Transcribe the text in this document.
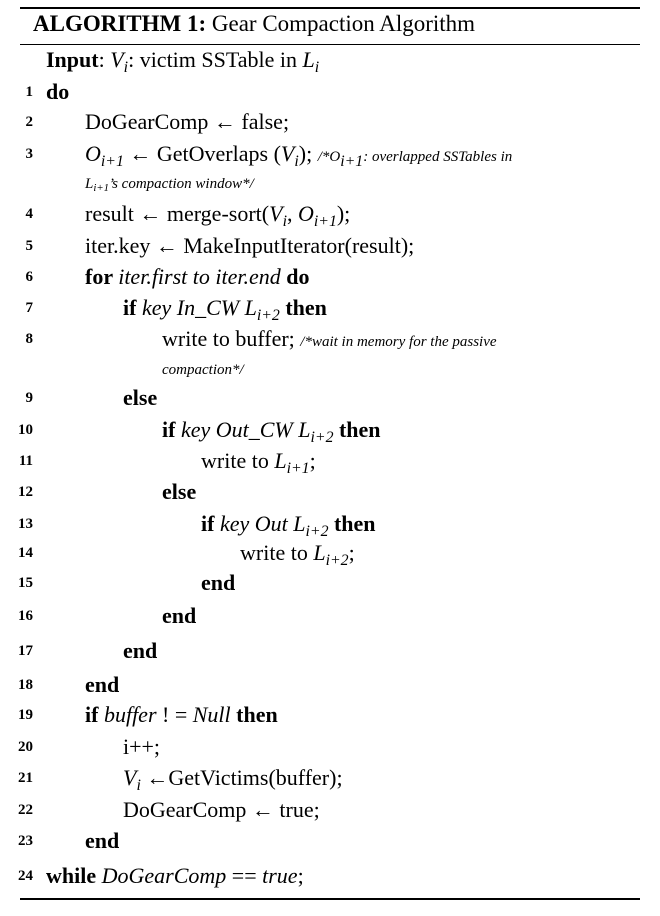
ALGORITHM 1: Gear Compaction Algorithm
Input: $V_i$: victim SSTable in $L_i$
1 do
2 DoGearComp ← false;
3 $O_{i+1}$ ← GetOverlaps $(V_i)$; $/*O_{i+1}$: overlapped SSTables in
$L_{i+1}’s$ compaction window*/
4 result ← merge-$sort(V_i$, $O_{i+1}$);
5 iter.key ← MakeInputIterator(result);
6 for iter.first to iter.end do
7	if key In_CW $L_{i+2}$ then
8	write to buffer; /*wait in memory for the passive
compaction*/
9	else
10	if key Out_CW $L_{i+2}$ then
11	write to $L_{i+1}$;
12	else
13	if key Out $L_{i+2}$ then
14	write to $L_{i+2}$;
15	end
16	end
17	end
18 end
19 if buffer ! = Null then
20	i++;
21	$V_i$ ←GetVictims(buffer);
22	DoGearComp ← true;
23 end
24 while DoGearComp == true;
